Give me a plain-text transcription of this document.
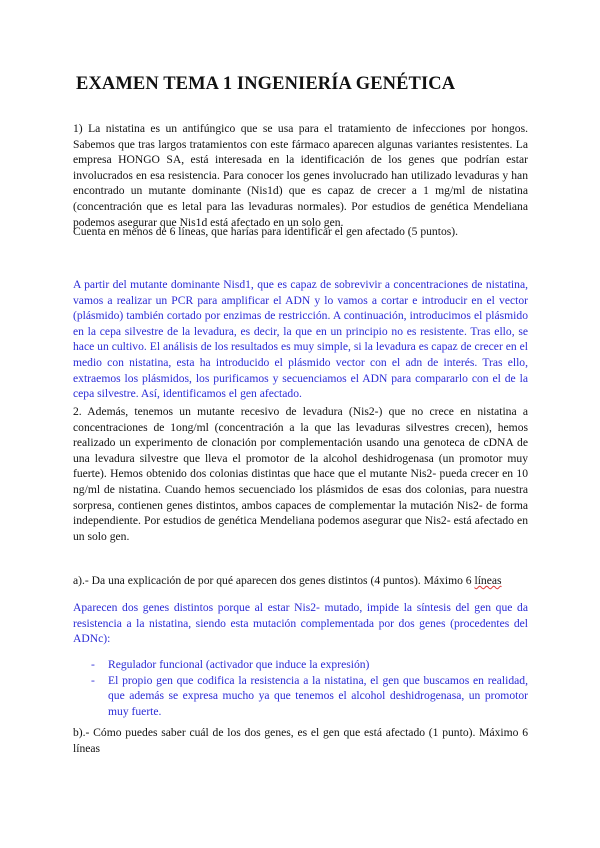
EXAMEN TEMA 1 INGENIERÍA GENÉTICA

1) La nistatina es un antifúngico que se usa para el tratamiento de infecciones por hongos. Sabemos que tras largos tratamientos con este fármaco aparecen algunas variantes resistentes. La empresa HONGO SA, está interesada en la identificación de los genes que podrían estar involucrados en esa resistencia. Para conocer los genes involucrado han utilizado levaduras y han encontrado un mutante dominante (Nis1d) que es capaz de crecer a 1 mg/ml de nistatina (concentración que es letal para las levaduras normales). Por estudios de genética Mendeliana podemos asegurar que Nis1d está afectado en un solo gen.

Cuenta en menos de 6 líneas, que harías para identificar el gen afectado (5 puntos).

A partir del mutante dominante Nisd1, que es capaz de sobrevivir a concentraciones de nistatina, vamos a realizar un PCR para amplificar el ADN y lo vamos a cortar e introducir en el vector (plásmido) también cortado por enzimas de restricción. A continuación, introducimos el plásmido en la cepa silvestre de la levadura, es decir, la que en un principio no es resistente. Tras ello, se hace un cultivo. El análisis de los resultados es muy simple, si la levadura es capaz de crecer en el medio con nistatina, esta ha introducido el plásmido vector con el adn de interés. Tras ello, extraemos los plásmidos, los purificamos y secuenciamos el ADN para compararlo con el de la cepa silvestre. Así, identificamos el gen afectado.

2. Además, tenemos un mutante recesivo de levadura (Nis2-) que no crece en nistatina a concentraciones de 1ong/ml (concentración a la que las levaduras silvestres crecen), hemos realizado un experimento de clonación por complementación usando una genoteca de cDNA de una levadura silvestre que lleva el promotor de la alcohol deshidrogenasa (un promotor muy fuerte). Hemos obtenido dos colonias distintas que hace que el mutante Nis2- pueda crecer en 10 ng/ml de nistatina. Cuando hemos secuenciado los plásmidos de esas dos colonias, para nuestra sorpresa, contienen genes distintos, ambos capaces de complementar la mutación Nis2- de forma independiente. Por estudios de genética Mendeliana podemos asegurar que Nis2- está afectado en un solo gen.

a).- Da una explicación de por qué aparecen dos genes distintos (4 puntos). Máximo 6 líneas

Aparecen dos genes distintos porque al estar Nis2- mutado, impide la síntesis del gen que da resistencia a la nistatina, siendo esta mutación complementada por dos genes (procedentes del ADNc):

- Regulador funcional (activador que induce la expresión)
- El propio gen que codifica la resistencia a la nistatina, el gen que buscamos en realidad, que además se expresa mucho ya que tenemos el alcohol deshidrogenasa, un promotor muy fuerte.

b).- Cómo puedes saber cuál de los dos genes, es el gen que está afectado (1 punto). Máximo 6 líneas
